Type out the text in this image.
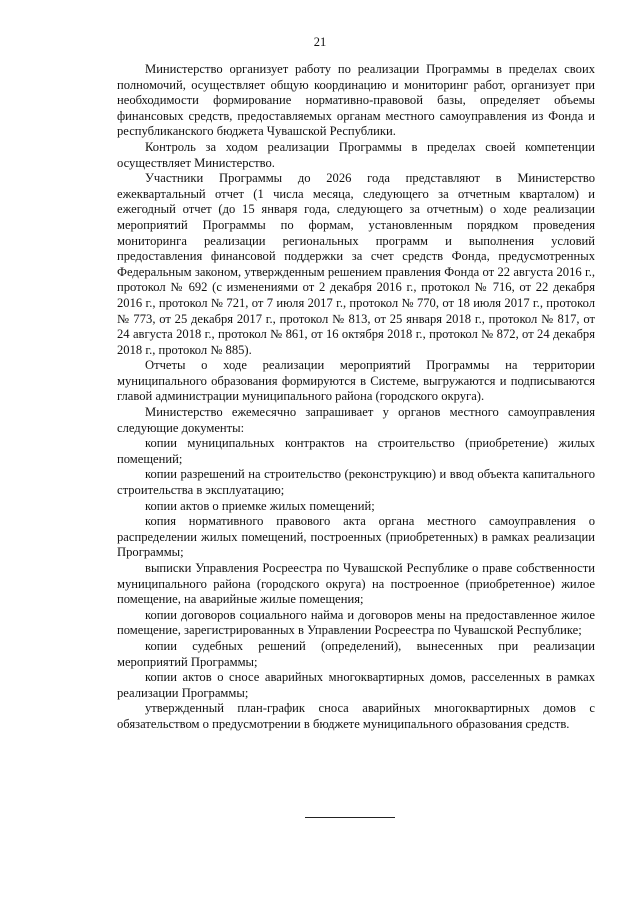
21

Министерство организует работу по реализации Программы в пределах своих полномочий, осуществляет общую координацию и мониторинг работ, организует при необходимости формирование нормативно-правовой базы, определяет объемы финансовых средств, предоставляемых органам местного самоуправления из Фонда и республиканского бюджета Чувашской Республики.

Контроль за ходом реализации Программы в пределах своей компетенции осуществляет Министерство.

Участники Программы до 2026 года представляют в Министерство ежеквартальный отчет (1 числа месяца, следующего за отчетным кварталом) и ежегодный отчет (до 15 января года, следующего за отчетным) о ходе реализации мероприятий Программы по формам, установленным порядком проведения мониторинга реализации региональных программ и выполнения условий предоставления финансовой поддержки за счет средств Фонда, предусмотренных Федеральным законом, утвержденным решением правления Фонда от 22 августа 2016 г., протокол № 692 (с изменениями от 2 декабря 2016 г., протокол № 716, от 22 декабря 2016 г., протокол № 721, от 7 июля 2017 г., протокол № 770, от 18 июля 2017 г., протокол № 773, от 25 декабря 2017 г., протокол № 813, от 25 января 2018 г., протокол № 817, от 24 августа 2018 г., протокол № 861, от 16 октября 2018 г., протокол № 872, от 24 декабря 2018 г., протокол № 885).

Отчеты о ходе реализации мероприятий Программы на территории муниципального образования формируются в Системе, выгружаются и подписываются главой администрации муниципального района (городского округа).

Министерство ежемесячно запрашивает у органов местного самоуправления следующие документы:

копии муниципальных контрактов на строительство (приобретение) жилых помещений;

копии разрешений на строительство (реконструкцию) и ввод объекта капитального строительства в эксплуатацию;

копии актов о приемке жилых помещений;

копия нормативного правового акта органа местного самоуправления о распределении жилых помещений, построенных (приобретенных) в рамках реализации Программы;

выписки Управления Росреестра по Чувашской Республике о праве собственности муниципального района (городского округа) на построенное (приобретенное) жилое помещение, на аварийные жилые помещения;

копии договоров социального найма и договоров мены на предоставленное жилое помещение, зарегистрированных в Управлении Росреестра по Чувашской Республике;

копии судебных решений (определений), вынесенных при реализации мероприятий Программы;

копии актов о сносе аварийных многоквартирных домов, расселенных в рамках реализации Программы;

утвержденный план-график сноса аварийных многоквартирных домов с обязательством о предусмотрении в бюджете муниципального образования средств.
